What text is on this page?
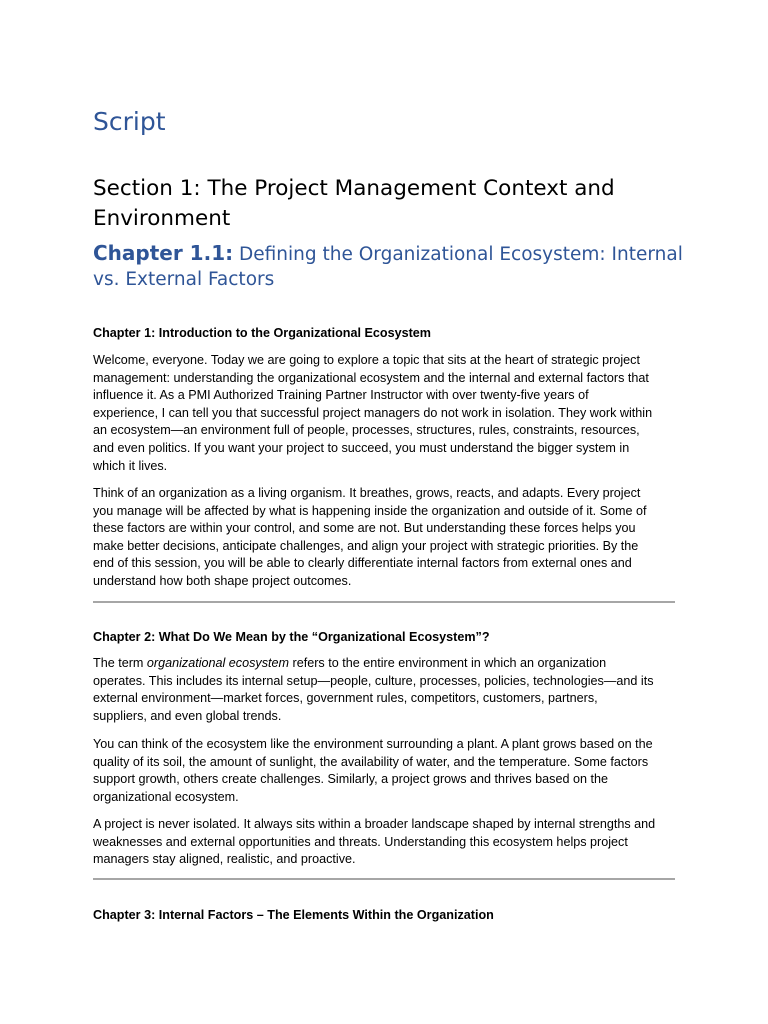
Script
Section 1: The Project Management Context and Environment
Chapter 1.1: Defining the Organizational Ecosystem: Internal vs. External Factors
Chapter 1: Introduction to the Organizational Ecosystem
Welcome, everyone. Today we are going to explore a topic that sits at the heart of strategic project
management: understanding the organizational ecosystem and the internal and external factors that
influence it. As a PMI Authorized Training Partner Instructor with over twenty-five years of
experience, I can tell you that successful project managers do not work in isolation. They work within
an ecosystem—an environment full of people, processes, structures, rules, constraints, resources,
and even politics. If you want your project to succeed, you must understand the bigger system in
which it lives.
Think of an organization as a living organism. It breathes, grows, reacts, and adapts. Every project
you manage will be affected by what is happening inside the organization and outside of it. Some of
these factors are within your control, and some are not. But understanding these forces helps you
make better decisions, anticipate challenges, and align your project with strategic priorities. By the
end of this session, you will be able to clearly differentiate internal factors from external ones and
understand how both shape project outcomes.
Chapter 2: What Do We Mean by the “Organizational Ecosystem”?
The term organizational ecosystem refers to the entire environment in which an organization
operates. This includes its internal setup—people, culture, processes, policies, technologies—and its
external environment—market forces, government rules, competitors, customers, partners,
suppliers, and even global trends.
You can think of the ecosystem like the environment surrounding a plant. A plant grows based on the
quality of its soil, the amount of sunlight, the availability of water, and the temperature. Some factors
support growth, others create challenges. Similarly, a project grows and thrives based on the
organizational ecosystem.
A project is never isolated. It always sits within a broader landscape shaped by internal strengths and
weaknesses and external opportunities and threats. Understanding this ecosystem helps project
managers stay aligned, realistic, and proactive.
Chapter 3: Internal Factors – The Elements Within the Organization
